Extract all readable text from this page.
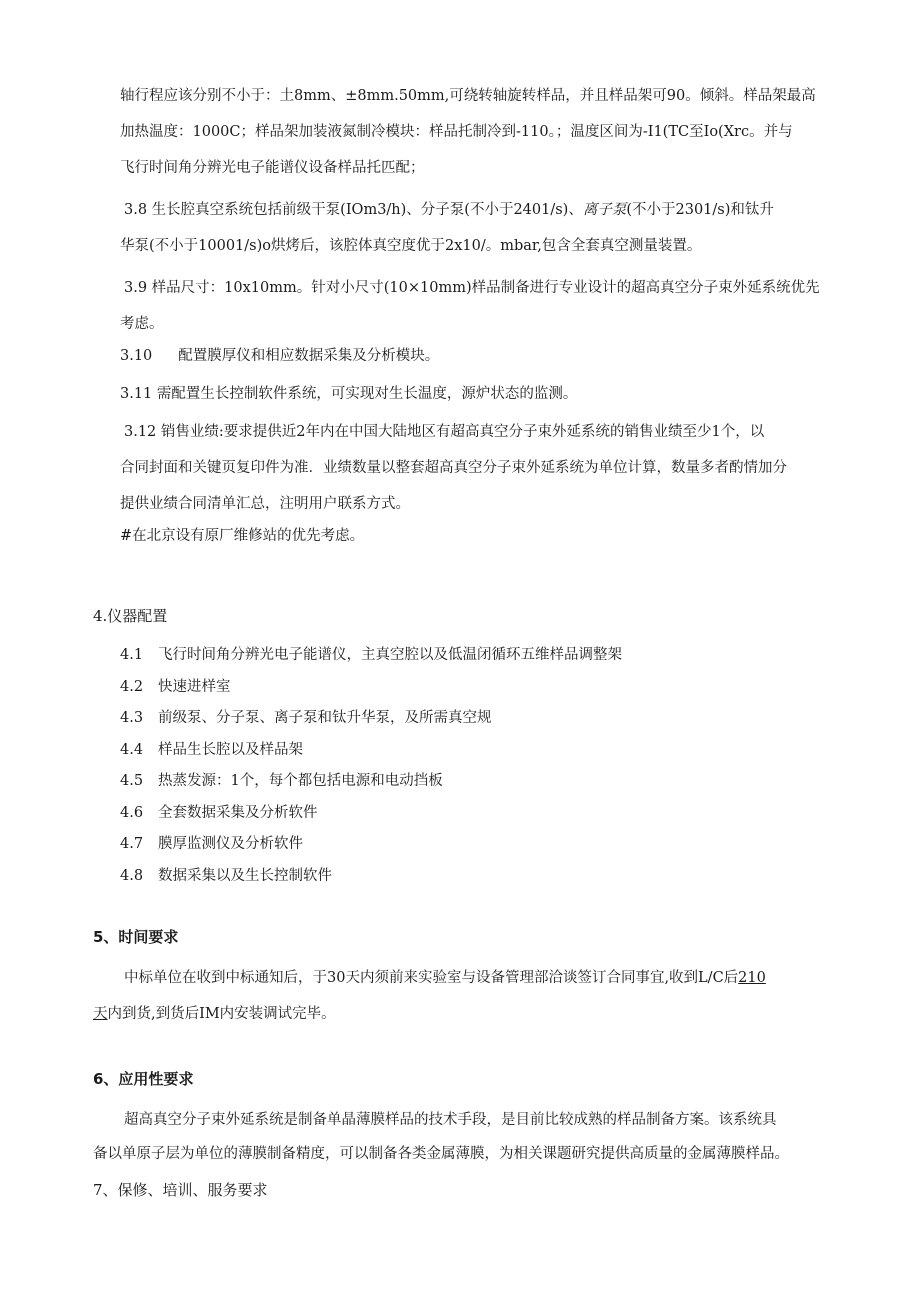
轴行程应该分别不小于：土8mm、±8mm.50mm,可绕转轴旋转样品，并且样品架可90。倾斜。样品架最高

加热温度：1000C；样品架加装液氮制冷模块：样品托制冷到-110。；温度区间为-I1(TC至Io(Xrc。并与

飞行时间角分辨光电子能谱仪设备样品托匹配；

3.8 生长腔真空系统包括前级干泵(IOm3/h)、分子泵(不小于2401/s)、离子泵(不小于2301/s)和钛升

华泵(不小于10001/s)o烘烤后，该腔体真空度优于2x10/。mbar,包含全套真空测量装置。

3.9 样品尺寸：10x10mm。针对小尺寸(10×10mm)样品制备进行专业设计的超高真空分子束外延系统优先

考虑。

3.10 配置膜厚仪和相应数据采集及分析模块。

3.11 需配置生长控制软件系统，可实现对生长温度，源炉状态的监测。

3.12 销售业绩:要求提供近2年内在中国大陆地区有超高真空分子束外延系统的销售业绩至少1个，以

合同封面和关键页复印件为准．业绩数量以整套超高真空分子束外延系统为单位计算，数量多者酌情加分

提供业绩合同清单汇总，注明用户联系方式。

#在北京设有原厂维修站的优先考虑。

4.仪器配置

4.1 飞行时间角分辨光电子能谱仪，主真空腔以及低温闭循环五维样品调整架

4.2 快速进样室

4.3 前级泵、分子泵、离子泵和钛升华泵，及所需真空规

4.4 样品生长腔以及样品架

4.5 热蒸发源：1个，每个都包括电源和电动挡板

4.6 全套数据采集及分析软件

4.7 膜厚监测仪及分析软件

4.8 数据采集以及生长控制软件

5、时间要求

中标单位在收到中标通知后，于30天内须前来实验室与设备管理部洽谈签订合同事宜,收到L/C后210

天内到货,到货后IM内安装调试完毕。

6、应用性要求

超高真空分子束外延系统是制备单晶薄膜样品的技术手段，是目前比较成熟的样品制备方案。该系统具

备以单原子层为单位的薄膜制备精度，可以制备各类金属薄膜，为相关课题研究提供高质量的金属薄膜样品。

7、保修、培训、服务要求
